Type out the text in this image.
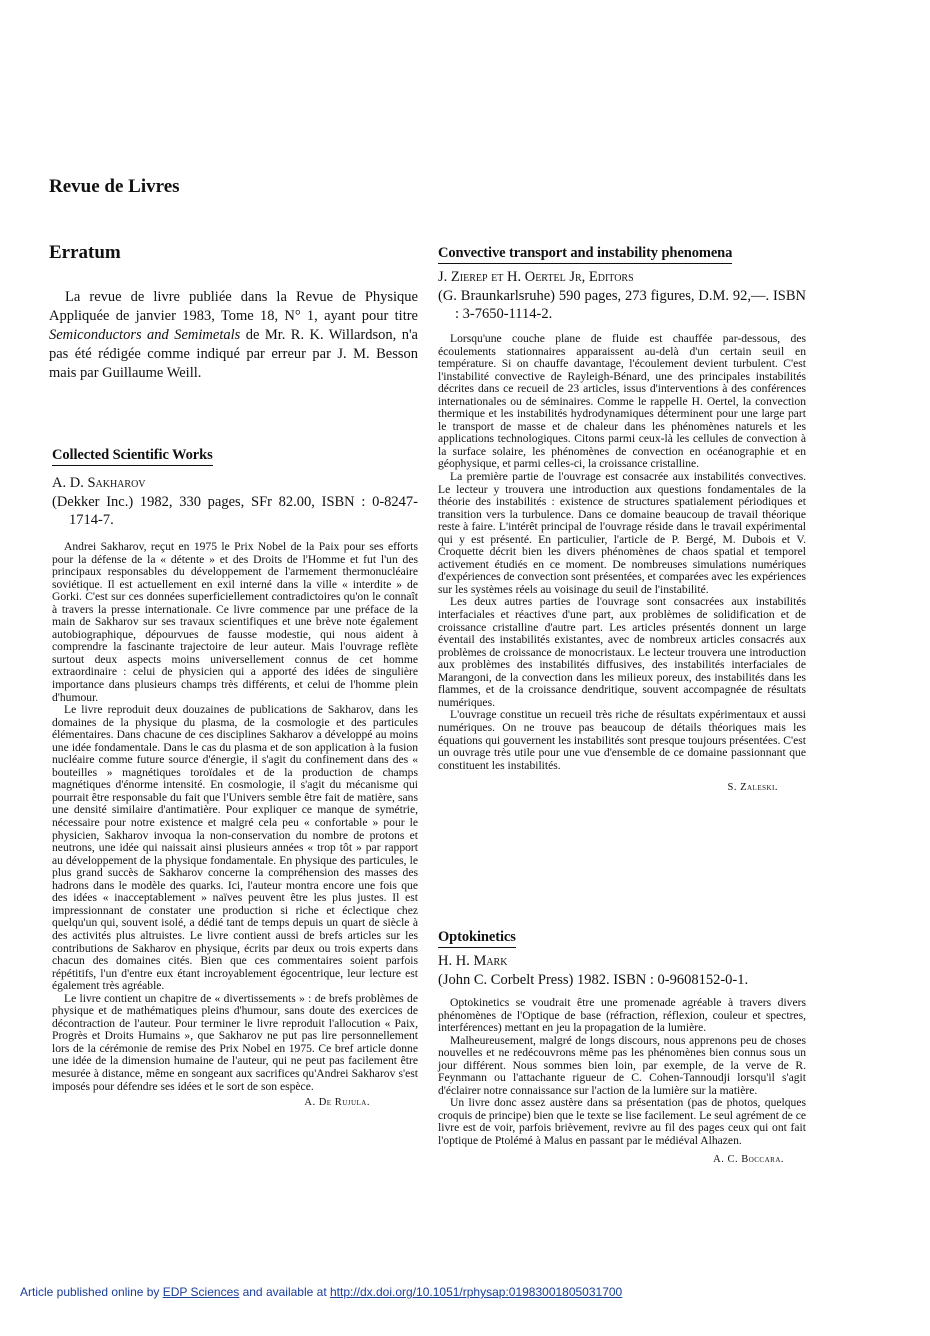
Revue de Livres
Erratum

La revue de livre publiée dans la Revue de Physique Appliquée de janvier 1983, Tome 18, N° 1, ayant pour titre Semiconductors and Semimetals de Mr. R. K. Willardson, n'a pas été rédigée comme indiqué par erreur par J. M. Besson mais par Guillaume Weill.

Collected Scientific Works

A. D. Sakharov

(Dekker Inc.) 1982, 330 pages, SFr 82.00, ISBN : 0-8247-1714-7.

Andrei Sakharov, reçut en 1975 le Prix Nobel de la Paix pour ses efforts pour la défense de la « détente » et des Droits de l'Homme et fut l'un des principaux responsables du développement de l'armement thermonucléaire soviétique. Il est actuellement en exil interné dans la ville « interdite » de Gorki. C'est sur ces données superficiellement contradictoires qu'on le connaît à travers la presse internationale. Ce livre commence par une préface de la main de Sakharov sur ses travaux scientifiques et une brève note également autobiographique, dépourvues de fausse modestie, qui nous aident à comprendre la fascinante trajectoire de leur auteur. Mais l'ouvrage reflète surtout deux aspects moins universellement connus de cet homme extraordinaire : celui de physicien qui a apporté des idées de singulière importance dans plusieurs champs très différents, et celui de l'homme plein d'humour.

Le livre reproduit deux douzaines de publications de Sakharov, dans les domaines de la physique du plasma, de la cosmologie et des particules élémentaires. Dans chacune de ces disciplines Sakharov a développé au moins une idée fondamentale. Dans le cas du plasma et de son application à la fusion nucléaire comme future source d'énergie, il s'agit du confinement dans des « bouteilles » magnétiques toroïdales et de la production de champs magnétiques d'énorme intensité. En cosmologie, il s'agit du mécanisme qui pourrait être responsable du fait que l'Univers semble être fait de matière, sans une densité similaire d'antimatière. Pour expliquer ce manque de symétrie, nécessaire pour notre existence et malgré cela peu « confortable » pour le physicien, Sakharov invoqua la non-conservation du nombre de protons et neutrons, une idée qui naissait ainsi plusieurs années « trop tôt » par rapport au développement de la physique fondamentale. En physique des particules, le plus grand succès de Sakharov concerne la compréhension des masses des hadrons dans le modèle des quarks. Ici, l'auteur montra encore une fois que des idées « inacceptablement » naïves peuvent être les plus justes. Il est impressionnant de constater une production si riche et éclectique chez quelqu'un qui, souvent isolé, a dédié tant de temps depuis un quart de siècle à des activités plus altruistes. Le livre contient aussi de brefs articles sur les contributions de Sakharov en physique, écrits par deux ou trois experts dans chacun des domaines cités. Bien que ces commentaires soient parfois répétitifs, l'un d'entre eux étant incroyablement égocentrique, leur lecture est également très agréable.

Le livre contient un chapitre de « divertissements » : de brefs problèmes de physique et de mathématiques pleins d'humour, sans doute des exercices de décontraction de l'auteur. Pour terminer le livre reproduit l'allocution « Paix, Progrès et Droits Humains », que Sakharov ne put pas lire personnellement lors de la cérémonie de remise des Prix Nobel en 1975. Ce bref article donne une idée de la dimension humaine de l'auteur, qui ne peut pas facilement être mesurée à distance, même en songeant aux sacrifices qu'Andrei Sakharov s'est imposés pour défendre ses idées et le sort de son espèce.

A. De Rujula.
Convective transport and instability phenomena

J. Zierep et H. Oertel Jr, Editors

(G. Braunkarlsruhe) 590 pages, 273 figures, D.M. 92,—. ISBN : 3-7650-1114-2.

Lorsqu'une couche plane de fluide est chauffée par-dessous, des écoulements stationnaires apparaissent au-delà d'un certain seuil en température. Si on chauffe davantage, l'écoulement devient turbulent. C'est l'instabilité convective de Rayleigh-Bénard, une des principales instabilités décrites dans ce recueil de 23 articles, issus d'interventions à des conférences internationales ou de séminaires. Comme le rappelle H. Oertel, la convection thermique et les instabilités hydrodynamiques déterminent pour une large part le transport de masse et de chaleur dans les phénomènes naturels et les applications technologiques. Citons parmi ceux-là les cellules de convection à la surface solaire, les phénomènes de convection en océanographie et en géophysique, et parmi celles-ci, la croissance cristalline.

La première partie de l'ouvrage est consacrée aux instabilités convectives. Le lecteur y trouvera une introduction aux questions fondamentales de la théorie des instabilités : existence de structures spatialement périodiques et transition vers la turbulence. Dans ce domaine beaucoup de travail théorique reste à faire. L'intérêt principal de l'ouvrage réside dans le travail expérimental qui y est présenté. En particulier, l'article de P. Bergé, M. Dubois et V. Croquette décrit bien les divers phénomènes de chaos spatial et temporel activement étudiés en ce moment. De nombreuses simulations numériques d'expériences de convection sont présentées, et comparées avec les expériences sur les systèmes réels au voisinage du seuil de l'instabilité.

Les deux autres parties de l'ouvrage sont consacrées aux instabilités interfaciales et réactives d'une part, aux problèmes de solidification et de croissance cristalline d'autre part. Les articles présentés donnent un large éventail des instabilités existantes, avec de nombreux articles consacrés aux problèmes de croissance de monocristaux. Le lecteur trouvera une introduction aux problèmes des instabilités diffusives, des instabilités interfaciales de Marangoni, de la convection dans les milieux poreux, des instabilités dans les flammes, et de la croissance dendritique, souvent accompagnée de résultats numériques.

L'ouvrage constitue un recueil très riche de résultats expérimentaux et aussi numériques. On ne trouve pas beaucoup de détails théoriques mais les équations qui gouvernent les instabilités sont presque toujours présentées. C'est un ouvrage très utile pour une vue d'ensemble de ce domaine passionnant que constituent les instabilités.

S. Zaleski.
Optokinetics

H. H. Mark

(John C. Corbelt Press) 1982. ISBN : 0-9608152-0-1.

Optokinetics se voudrait être une promenade agréable à travers divers phénomènes de l'Optique de base (réfraction, réflexion, couleur et spectres, interférences) mettant en jeu la propagation de la lumière.

Malheureusement, malgré de longs discours, nous apprenons peu de choses nouvelles et ne redécouvrons même pas les phénomènes bien connus sous un jour différent. Nous sommes bien loin, par exemple, de la verve de R. Feynmann ou l'attachante rigueur de C. Cohen-Tannoudji lorsqu'il s'agit d'éclairer notre connaissance sur l'action de la lumière sur la matière.

Un livre donc assez austère dans sa présentation (pas de photos, quelques croquis de principe) bien que le texte se lise facilement. Le seul agrément de ce livre est de voir, parfois brièvement, revivre au fil des pages ceux qui ont fait l'optique de Ptolémé à Malus en passant par le médiéval Alhazen.

A. C. Boccara.
Article published online by EDP Sciences and available at http://dx.doi.org/10.1051/rphysap:01983001805031700
